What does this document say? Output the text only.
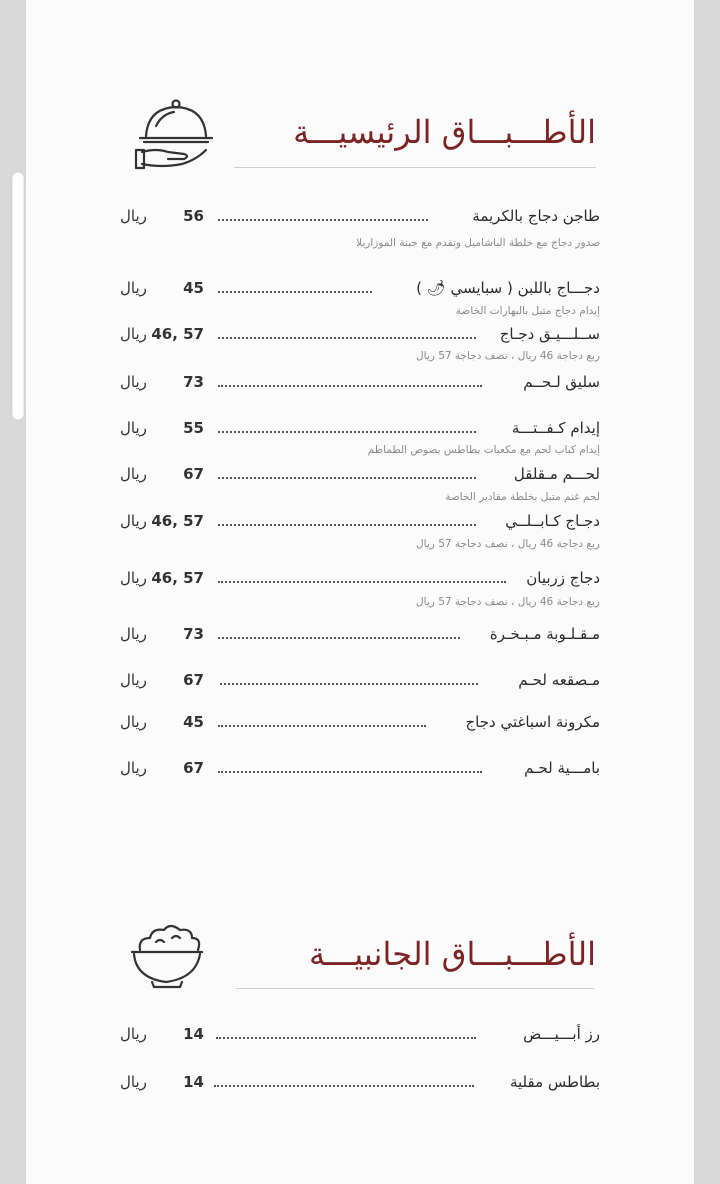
الأطـــبـــاق الرئيسيـــة
طاجن دجاج بالكريمة
56
ريال
صدور دجاج مع خلطة الباشاميل وتقدم مع جبنة الموزاريلا
دجـــاج باللبن ( سبايسي 🌶 )
45
ريال
إيدام دجاج متبل بالبهارات الخاصة
ســلـــيـق دجـاج
46, 57
ريال
ربع دجاجة 46 ريال ، نصف دجاجة 57 ريال
سليق لـحــم
73
ريال
إيدام كـفــتـــة
55
ريال
إيدام كباب لحم مع مكعبات بطاطس بصوص الطماطم
لحـــم مـقلقل
67
ريال
لحم غنم متبل بخلطة مقادير الخاصة
دجـاج كـابــلــي
46, 57
ريال
ربع دجاجة 46 ريال ، نصف دجاجة 57 ريال
دجاج زربيان
46, 57
ريال
ربع دجاجة 46 ريال ، نصف دجاجة 57 ريال
مـقـلـوبة مـبـخـرة
73
ريال
مـصقعه لحـم
67
ريال
مكرونة اسباغتي دجاج
45
ريال
بامـــية لحـم
67
ريال
الأطـــبـــاق الجانبيـــة
رز أبـــيـــض
14
ريال
بطاطس مقلية
14
ريال
